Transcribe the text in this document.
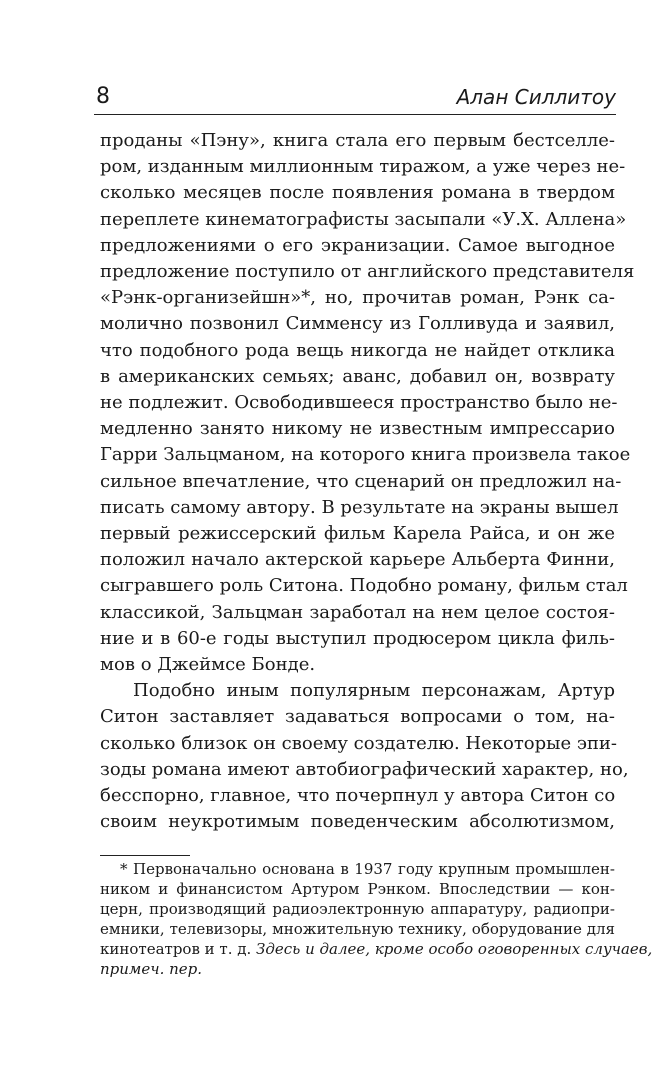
8	Алан Силлитоу
проданы «Пэну», книга стала его первым бестселле-
ром, изданным миллионным тиражом, а уже через не-
сколько месяцев после появления романа в твердом
переплете кинематографисты засыпали «У.Х. Аллена»
предложениями о его экранизации. Самое выгодное
предложение поступило от английского представителя
«Рэнк-организейшн»*, но, прочитав роман, Рэнк са-
молично позвонил Симменсу из Голливуда и заявил,
что подобного рода вещь никогда не найдет отклика
в американских семьях; аванс, добавил он, возврату
не подлежит. Освободившееся пространство было не-
медленно занято никому не известным импрессарио
Гарри Зальцманом, на которого книга произвела такое
сильное впечатление, что сценарий он предложил на-
писать самому автору. В результате на экраны вышел
первый режиссерский фильм Карела Райса, и он же
положил начало актерской карьере Альберта Финни,
сыгравшего роль Ситона. Подобно роману, фильм стал
классикой, Зальцман заработал на нем целое состоя-
ние и в 60-е годы выступил продюсером цикла филь-
мов о Джеймсе Бонде.
Подобно иным популярным персонажам, Артур
Ситон заставляет задаваться вопросами о том, на-
сколько близок он своему создателю. Некоторые эпи-
зоды романа имеют автобиографический характер, но,
бесспорно, главное, что почерпнул у автора Ситон со
своим неукротимым поведенческим абсолютизмом,
* Первоначально основана в 1937 году крупным промышлен-
ником и финансистом Артуром Рэнком. Впоследствии — кон-
церн, производящий радиоэлектронную аппаратуру, радиопри-
емники, телевизоры, множительную технику, оборудование для
кинотеатров и т. д. Здесь и далее, кроме особо оговоренных случаев,
примеч. пер.
